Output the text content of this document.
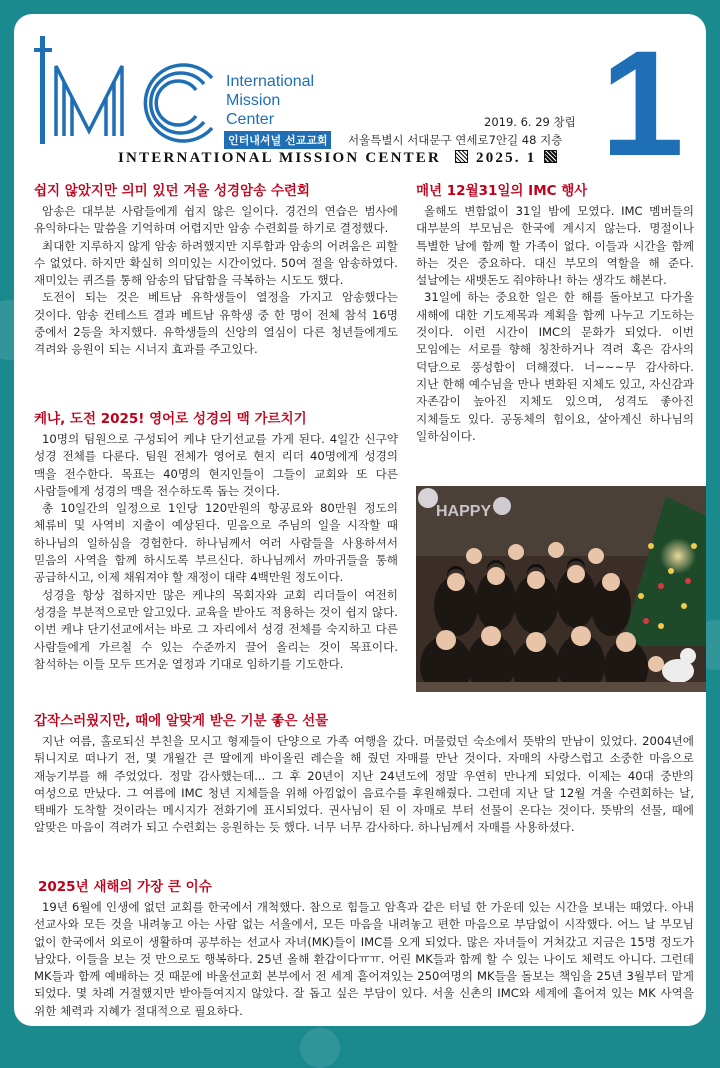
International
Mission
Center
인터내셔널 선교교회 1
2019. 6. 29 창립
서울특별시 서대문구 연세로7안길 48 지층
INTERNATIONAL MISSION CENTER 2025. 1
쉽지 않았지만 의미 있던 겨울 성경암송 수련회

암송은 대부분 사람들에게 쉽지 않은 일이다. 경건의 연습은 범사에 유익하다는 말씀을 기억하며 어렵지만 암송 수련회를 하기로 결정했다.

최대한 지루하지 않게 암송 하려했지만 지루함과 암송의 어려움은 피할 수 없었다. 하지만 확실히 의미있는 시간이었다. 50여 절을 암송하였다. 재미있는 퀴즈를 통해 암송의 답답함을 극복하는 시도도 했다.

도전이 되는 것은 베트남 유학생들이 열정을 가지고 암송했다는 것이다. 암송 컨테스트 결과 베트남 유학생 중 한 명이 전체 참석 16명 중에서 2등을 차지했다. 유학생들의 신앙의 열심이 다른 청년들에게도 격려와 응원이 되는 시너지 효과를 주고있다.

케냐, 도전 2025! 영어로 성경의 맥 가르치기

10명의 팀원으로 구성되어 케냐 단기선교를 가게 된다. 4일간 신구약 성경 전체를 다룬다. 팀원 전체가 영어로 현지 리더 40명에게 성경의 맥을 전수한다. 목표는 40명의 현지인들이 그들이 교회와 또 다른 사람들에게 성경의 맥을 전수하도록 돕는 것이다.

총 10일간의 일정으로 1인당 120만원의 항공료와 80만원 정도의 체류비 및 사역비 지출이 예상된다. 믿음으로 주님의 일을 시작할 때 하나님의 일하심을 경험한다. 하나님께서 여러 사람들을 사용하셔서 믿음의 사역을 함께 하시도록 부르신다. 하나님께서 까마귀들을 통해 공급하시고, 이제 채워져야 할 재정이 대략 4백만원 정도이다.

성경을 항상 접하지만 많은 케냐의 목회자와 교회 리더들이 여전히 성경을 부분적으로만 알고있다. 교육을 받아도 적용하는 것이 쉽지 않다. 이번 케냐 단기선교에서는 바로 그 자리에서 성경 전체를 숙지하고 다른 사람들에게 가르칠 수 있는 수준까지 끌어 올리는 것이 목표이다. 참석하는 이들 모두 뜨거운 열정과 기대로 임하기를 기도한다.

매년 12월31일의 IMC 행사

올해도 변함없이 31일 밤에 모였다. IMC 멤버들의 대부분의 부모님은 한국에 계시지 않는다. 명절이나 특별한 날에 함께 할 가족이 없다. 이들과 시간을 함께 하는 것은 중요하다. 대신 부모의 역할을 해 준다. 설날에는 새뱃돈도 줘야하나! 하는 생각도 해본다.

31일에 하는 중요한 일은 한 해를 돌아보고 다가올 새해에 대한 기도제목과 계획을 함께 나누고 기도하는 것이다. 이런 시간이 IMC의 문화가 되었다. 이번 모임에는 서로를 향해 칭찬하거나 격려 혹은 감사의 덕담으로 풍성함이 더해졌다. 너~~~무 감사하다. 지난 한해 예수님을 만나 변화된 지체도 있고, 자신감과 자존감이 높아진 지체도 있으며, 성격도 좋아진 지체들도 있다. 공동체의 힘이요, 살아계신 하나님의 일하심이다.

HAPPY
갑작스러웠지만, 때에 알맞게 받은 기분 좋은 선물

지난 여름, 홀로되신 부친을 모시고 형제들이 단양으로 가족 여행을 갔다. 머물렀던 숙소에서 뜻밖의 만남이 있었다. 2004년에 튀니지로 떠나기 전, 몇 개월간 큰 딸에게 바이올린 레슨을 해 줬던 자매를 만난 것이다. 자매의 사랑스럽고 소중한 마음으로 재능기부를 해 주었었다. 정말 감사했는데... 그 후 20년이 지난 24년도에 정말 우연히 만나게 되었다. 이제는 40대 중반의 여성으로 만났다. 그 여름에 IMC 청년 지체들을 위해 아낌없이 음료수를 후원해줬다. 그런데 지난 달 12월 겨울 수련회하는 날, 택배가 도착할 것이라는 메시지가 전화기에 표시되었다. 권사님이 된 이 자매로 부터 선물이 온다는 것이다. 뜻밖의 선물, 때에 알맞은 마음이 격려가 되고 수련회는 응원하는 듯 했다. 너무 너무 감사하다. 하나님께서 자매를 사용하셨다.

2025년 새해의 가장 큰 이슈

19년 6월에 인생에 없던 교회를 한국에서 개척했다. 참으로 힘들고 암흑과 같은 터널 한 가운데 있는 시간을 보내는 때였다. 아내 선교사와 모든 것을 내려놓고 아는 사람 없는 서울에서, 모든 마음을 내려놓고 편한 마음으로 부담없이 시작했다. 어느 날 부모님 없이 한국에서 외로이 생활하며 공부하는 선교사 자녀(MK)들이 IMC를 오게 되었다. 많은 자녀들이 거쳐갔고 지금은 15명 정도가 남았다. 이들을 보는 것 만으로도 행복하다. 25년 올해 환갑이다ㅠㅠ. 어린 MK들과 함께 할 수 있는 나이도 체력도 아니다. 그런데 MK들과 함께 예배하는 것 때문에 바울선교회 본부에서 전 세계 흩어져있는 250여명의 MK들을 돌보는 책임을 25년 3월부터 맡게 되었다. 몇 차례 거절했지만 받아들여지지 않았다. 잘 돕고 싶은 부담이 있다. 서울 신촌의 IMC와 세계에 흩어져 있는 MK 사역을 위한 체력과 지혜가 절대적으로 필요하다.
